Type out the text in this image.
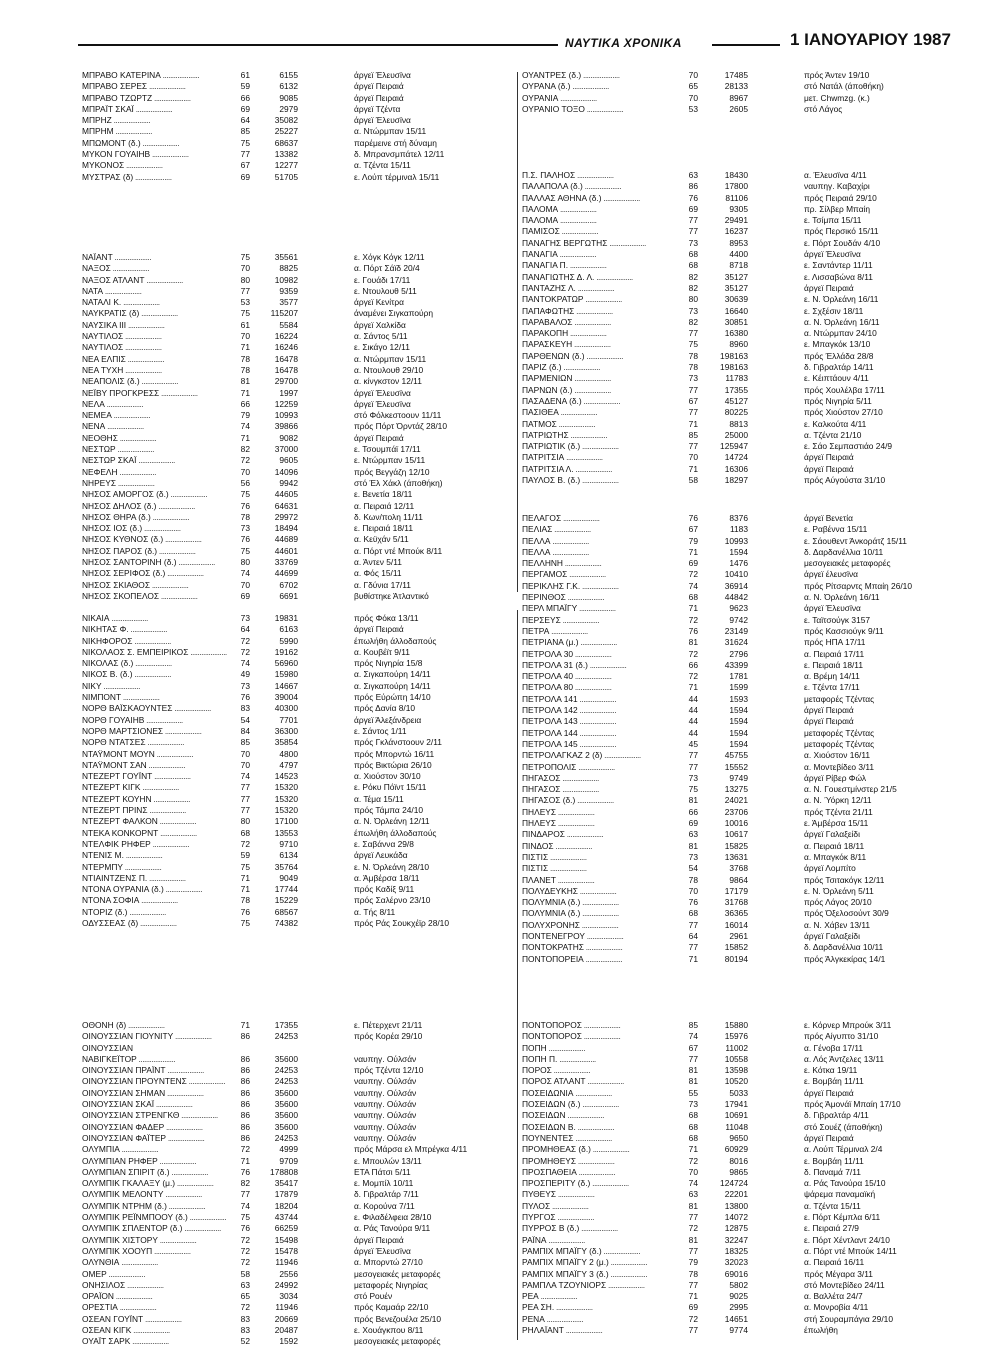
ΝΑΥΤΙΚΑ ΧΡΟΝΙΚΑ	1 ΙΑΝΟΥΑΡΙΟΥ 1987
ΜΠΡΑΒΟ ΚΑΤΕΡΙΝΑ .....	61	6155	άργεϊ Έλευσϊνα
ΜΠΡΑΒΟ ΣΕΡΕΣ .....	59	6132	άργεϊ Πειραιά
ΜΠΡΑΒΟ ΤΖΩΡΤΖ .....	66	9085	άργεϊ Πειραιά
ΜΠΡΑΪΤ ΣΚΑΪ .....	69	2979	άργεϊ Τζέντα
ΜΠΡΗΖ .....	64	35082	άργεϊ Έλευσϊνα
ΜΠΡΗΜ .....	85	25227	α. Ντώρμπαν 15/11
ΜΠΩΜΟΝΤ (δ.) .....	75	68637	παρέμεινε στή δύναμη
ΜΥΚΟΝ ΓΟΥΑΙΗΒ .....	77	13382	δ. Μπρανσμπάτελ 12/11
ΜΥΚΟΝΟΣ .....	67	12277	α. Τζέντα 15/11
ΜΥΣΤΡΑΣ (δ) .....	69	51705	ε. Λούπ τέρμιναλ 15/11
ΝΑΪΑΝΤ .....	75	35561	ε. Χόγκ Κόγκ 12/11
ΝΑΞΟΣ .....	70	8825	α. Πόρτ Σάϊδ 20/4
ΝΑΞΟΣ ΑΤΛΑΝΤ .....	80	10982	ε. Γουάδι 17/11
ΝΑΤΑ .....	77	9359	ε. Ντουλουθ 5/11
ΝΑΤΑΛΙ Κ. .....	53	3577	άργεϊ Κενίτρα
ΝΑΥΚΡΑΤΙΣ (δ) .....	75	115207	άναμένει Σιγκαπούρη
ΝΑΥΣΙΚΑ ΙΙΙ .....	61	5584	άργεϊ Χαλκίδα
ΝΑΥΤΙΛΟΣ .....	70	16224	α. Σάντος 5/11
ΝΑΥΤΙΛΟΣ .....	71	16246	ε. Σικάγο 12/11
ΝΕΑ ΕΛΠΙΣ .....	78	16478	α. Ντώρμπαν 15/11
ΝΕΑ ΤΥΧΗ .....	78	16478	α. Ντουλουθ 29/10
ΝΕΑΠΟΛΙΣ (δ.) .....	81	29700	α. κίνγκστον 12/11
ΝΕΪΒΥ ΠΡΟΓΚΡΕΣΣ .....	71	1997	άργεϊ Έλευσϊνα
ΝΕΛΑ .....	66	12259	άργεϊ Έλευσϊνα
ΝΕΜΕΑ .....	79	10993	στό Φόλκεστοουν 11/11
ΝΕΝΑ .....	74	39866	πρός Πόρτ Όρντάζ 28/10
ΝΕΟΘΗΣ .....	71	9082	άργεϊ Πειραιά
ΝΕΣΤΩΡ .....	82	37000	ε. Τσουμπάϊ 17/11
ΝΕΣΤΩΡ ΣΚΑΪ .....	72	9605	ε. Ντώρμπαν 15/11
ΝΕΦΕΛΗ .....	70	14096	πρός Βεγγάζη 12/10
ΝΗΡΕΥΣ .....	56	9942	στό Έλ Χάκλ (άποθήκη)
ΝΗΣΟΣ ΑΜΟΡΓΟΣ (δ.) .....	75	44605	ε. Βενετία 18/11
ΝΗΣΟΣ ΔΗΛΟΣ (δ.) .....	76	64631	α. Πειραιά 12/11
ΝΗΣΟΣ ΘΗΡΑ (δ.) .....	78	29972	δ. Κων/πολη 11/11
ΝΗΣΟΣ ΙΟΣ (δ.) .....	73	18494	ε. Πειραιά 18/11
ΝΗΣΟΣ ΚΥΘΝΟΣ (δ.) .....	76	44689	α. Κεϋχάν 5/11
ΝΗΣΟΣ ΠΑΡΟΣ (δ.) .....	75	44601	α. Πόρτ ντέ Μπούκ 8/11
ΝΗΣΟΣ ΣΑΝΤΟΡΙΝΗ (δ.) .....	80	33769	α. Άντεν 5/11
ΝΗΣΟΣ ΣΕΡΙΦΟΣ (δ.) .....	74	44699	α. Φός 15/11
ΝΗΣΟΣ ΣΚΙΑΘΟΣ .....	70	6702	α. Γδύνια 17/11
ΝΗΣΟΣ ΣΚΟΠΕΛΟΣ .....	69	6691	βυθίστηκε Άτλαντικό
ΝΙΚΑΙΑ .....	73	19831	πρός Φόκα 13/11
ΝΙΚΗΤΑΣ Φ. .....	64	6163	άργεϊ Πειραιά
ΝΙΚΗΦΟΡΟΣ .....	72	5990	έπωλήθη άλλοδαπούς
ΝΙΚΟΛΑΟΣ Σ. ΕΜΠΕΙΡΙΚΟΣ .....	72	19162	α. Κουβέϊτ 9/11
ΝΙΚΟΛΑΣ (δ.) .....	74	56960	πρός Νιγηρία 15/8
ΝΙΚΟΣ Β. (δ.) .....	49	15980	α. Σιγκαπούρη 14/11
ΝΙΚΥ .....	73	14667	α. Σιγκαπούρη 14/11
ΝΙΜΠΟΝΤ .....	76	39004	πρός Εύρώπη 14/10
ΝΟΡΘ ΒΑΪΣΚΑΟΥΝΤΕΣ .....	83	40300	πρός Δανία 8/10
ΝΟΡΘ ΓΟΥΑΙΗΒ .....	54	7701	άργεϊ Άλεξάνδρεια
ΝΟΡΘ ΜΑΡΤΣΙΟΝΕΣ .....	84	36300	ε. Σάντος 1/11
ΝΟΡΘ ΝΤΑΤΣΕΣ .....	85	35854	πρός Γκλάνστοουν 2/11
ΝΤΑΫΜΟΝΤ ΜΟΥΝ .....	70	4800	πρός Μπορντώ 16/11
ΝΤΑΫΜΟΝΤ ΣΑΝ .....	70	4797	πρός Βικτώρια 26/10
ΝΤΕΖΕΡΤ ΓΟΥΪΝΤ .....	74	14523	α. Χιούστον 30/10
ΝΤΕΖΕΡΤ ΚΙΓΚ .....	77	15320	ε. Ρόκυ Πόϊντ 15/11
ΝΤΕΖΕΡΤ ΚΟΥΗΝ .....	77	15320	α. Τέμα 15/11
ΝΤΕΖΕΡΤ ΠΡΙΝΣ .....	77	15320	πρός Τάμπα 24/10
ΝΤΕΖΕΡΤ ΦΑΛΚΟΝ .....	80	17100	α. Ν. Όρλεάνη 12/11
ΝΤΕΚΑ ΚΟΝΚΟΡΝΤ .....	68	13553	έπωλήθη άλλοδαπούς
ΝΤΕΛΦΙΚ ΡΗΦΕΡ .....	72	9710	ε. Σαβάννα 29/8
ΝΤΕΝΙΣ Μ. .....	59	6134	άργεϊ Λευκάδα
ΝΤΕΡΜΠΥ .....	75	35764	ε. Ν. Όρλεάνη 28/10
ΝΤΙΑΙΝΤΖΕΝΣ Π. .....	71	9049	α. Άμβέρσα 18/11
ΝΤΟΝΑ ΟΥΡΑΝΙΑ (δ.) .....	71	17744	πρός Καδίξ 9/11
ΝΤΟΝΑ ΣΟΦΙΑ .....	78	15229	πρός Σαλέρνο 23/10
ΝΤΟΡΙΖ (δ.) .....	76	68567	α. Τής 8/11
ΟΔΥΣΣΕΑΣ (δ) .....	75	74382	πρός Ράς Σουκχέϊρ 28/10
ΟΘΟΝΗ (δ) .....	71	17355	ε. Πέτερχεντ 21/11
ΟΙΝΟΥΣΣΙΑΝ ΓΙΟΥΝΙΤΥ .....	86	24253	πρός Κορέα 29/10
ΟΙΝΟΥΣΣΙΑΝ
ΝΑΒΙΓΚΕΪΤΟΡ .....	86	35600	ναυπηγ. Ούλσάν
ΟΙΝΟΥΣΣΙΑΝ ΠΡΑΪΝΤ .....	86	24253	πρός Τζέντα 12/10
ΟΙΝΟΥΣΣΙΑΝ ΠΡΟΥΝΤΕΝΣ .....	86	24253	ναυπηγ. Ούλσάν
ΟΙΝΟΥΣΣΙΑΝ ΣΗΜΑΝ .....	86	35600	ναυπηγ. Ούλσάν
ΟΙΝΟΥΣΣΙΑΝ ΣΚΑΪ .....	86	35600	ναυπηγ. Ούλσάν
ΟΙΝΟΥΣΣΙΑΝ ΣΤΡΕΝΓΚΘ .....	86	35600	ναυπηγ. Ούλσάν
ΟΙΝΟΥΣΣΙΑΝ ΦΑΔΕΡ .....	86	35600	ναυπηγ. Ούλσάν
ΟΙΝΟΥΣΣΙΑΝ ΦΑΪΤΕΡ .....	86	24253	ναυπηγ. Ούλσάν
ΟΛΥΜΠΙΑ .....	72	4999	πρός Μάρσα ελ Μπρέγκα 4/11
ΟΛΥΜΠΙΑΝ ΡΗΦΕΡ .....	71	9709	ε. Μπουλών 13/11
ΟΛΥΜΠΙΑΝ ΣΠΙΡΙΤ (δ.) .....	76	178808	ΕΤΑ Πάτσι 5/11
ΟΛΥΜΠΙΚ ΓΚΑΛΑΞΥ (μ.) .....	82	35417	ε. Μομπίλ 10/11
ΟΛΥΜΠΙΚ ΜΕΛΟΝΤΥ .....	77	17879	δ. Γιβραλτάρ 7/11
ΟΛΥΜΠΙΚ ΝΤΡΗΜ (δ.) .....	74	18204	α. Κορούνα 7/11
ΟΛΥΜΠΙΚ ΡΕΪΝΜΠΟΟΥ (δ.) .....	75	43744	ε. Φιλαδέλφεια 28/10
ΟΛΥΜΠΙΚ ΣΠΛΕΝΤΟΡ (δ.) .....	76	66259	α. Ράς Τανούρα 9/11
ΟΛΥΜΠΙΚ ΧΙΣΤΟΡΥ .....	72	15498	άργεϊ Πειραιά
ΟΛΥΜΠΙΚ ΧΟΟΥΠ .....	72	15478	άργεϊ Έλευσϊνα
ΟΛΥΝΘΙΑ .....	72	11946	α. Μπορντώ 27/10
ΟΜΕΡ .....	58	2556	μεσογειακές μεταφορές
ΟΝΗΣΙΛΟΣ .....	63	24992	μεταφορές Νιγηρίας
ΟΡΑΪΟΝ .....	65	3034	στό Ρουέν
ΟΡΕΣΤΙΑ .....	72	11946	πρός Καμαάρ 22/10
ΟΣΕΑΝ ΓΟΥΪΝΤ .....	83	20669	πρός Βενεζουέλα 25/10
ΟΣΕΑΝ ΚΙΓΚ .....	83	20487	ε. Χουάγκπου 8/11
ΟΥΑΪΤ ΣΑΡΚ .....	52	1592	μεσογειακές μεταφορές
ΟΥΑΝΤΡΕΣ (δ.) .....	70	17485	πρός Άντεν 19/10
ΟΥΡΑΝΑ (δ.) .....	65	28133	στό Νατάλ (άποθήκη)
ΟΥΡΑΝΙΑ .....	70	8967	μετ. Chwmzg. (κ.)
ΟΥΡΑΝΙΟ ΤΟΞΟ .....	53	2605	στό Λάγος
Π.Σ. ΠΑΛΗΟΣ .....	63	18430	α. Έλευσϊνα 4/11
ΠΑΛΑΠΟΛΑ (δ.) .....	86	17800	ναυπηγ. Καβαχίρι
ΠΑΛΛΑΣ ΑΘΗΝΑ (δ.) .....	76	81106	πρός Πειραιά 29/10
ΠΑΛΟΜΑ .....	69	9305	πρ. Σίλβερ Μπαίη
ΠΑΛΟΜΑ .....	77	29491	ε. Τσίμπα 15/11
ΠΑΜΙΣΟΣ .....	77	16237	πρός Περσικό 15/11
ΠΑΝΑΓΗΣ ΒΕΡΓΩΤΗΣ .....	73	8953	ε. Πόρτ Σουδάν 4/10
ΠΑΝΑΓΙΑ .....	68	4400	άργεϊ Έλευσϊνα
ΠΑΝΑΓΙΑ Π. .....	68	8718	ε. Σαντάντερ 11/11
ΠΑΝΑΓΙΩΤΗΣ Δ. Λ. .....	82	35127	ε. Λισσαβώνα 8/11
ΠΑΝΤΑΖΗΣ Λ. .....	82	35127	άργεϊ Πειραιά
ΠΑΝΤΟΚΡΑΤΩΡ .....	80	30639	ε. Ν. Όρλεάνη 16/11
ΠΑΠΑΦΩΤΗΣ .....	73	16640	ε. Σχξέσιν 18/11
ΠΑΡΑΒΑΛΟΣ .....	82	30851	α. Ν. Όρλεάνη 16/11
ΠΑΡΑΚΟΠΗ .....	77	16380	α. Ντώρμπαν 24/10
ΠΑΡΑΣΚΕΥΗ .....	75	8960	ε. Μπαγκόκ 13/10
ΠΑΡΘΕΝΩΝ (δ.) .....	78	198163	πρός Έλλάδα 28/8
ΠΑΡΙΖ (δ.) .....	78	198163	δ. Γιβραλτάρ 14/11
ΠΑΡΜΕΝΙΩΝ .....	73	11783	ε. Κέιπτάουν 4/11
ΠΑΡΝΩΝ (δ.) .....	77	17355	πρός Χουλέλβα 17/11
ΠΑΣΑΔΕΝΑ (δ.) .....	67	45127	πρός Νιγηρία 5/11
ΠΑΣΙΘΕΑ .....	77	80225	πρός Χιούστον 27/10
ΠΑΤΜΟΣ .....	71	8813	ε. Καλκούτα 4/11
ΠΑΤΡΙΩΤΗΣ .....	85	25000	α. Τζέντα 21/10
ΠΑΤΡΙΩΤΙΚ (δ.) .....	77	125947	ε. Σάο Σεμπαστιάο 24/9
ΠΑΤΡΙΤΣΙΑ .....	70	14724	άργεϊ Πειραιά
ΠΑΤΡΙΤΣΙΑ Λ. .....	71	16306	άργεϊ Πειραιά
ΠΑΥΛΟΣ Β. (δ.) .....	58	18297	πρός Αύγούστα 31/10
ΠΕΛΑΓΟΣ .....	76	8376	άργεϊ Βενετία
ΠΕΛΙΑΣ .....	67	1183	ε. Ραβέννα 15/11
ΠΕΛΛΑ .....	79	10993	ε. Σάουθεντ Άνκοράτζ 15/11
ΠΕΛΛΑ .....	71	1594	δ. Δαρδανέλλια 10/11
ΠΕΛΛΗΝΗ .....	69	1476	μεσογειακές μεταφορές
ΠΕΡΓΑΜΟΣ .....	72	10410	άργεϊ έλευσϊνα
ΠΕΡΙΚΛΗΣ Γ.Κ. .....	74	36914	πρός Ρίτσαρντς Μπαίη 26/10
ΠΕΡΙΝΘΟΣ .....	68	44842	α. Ν. Όρλεάνη 16/11
ΠΕΡΛ ΜΠΑΪΓΥ .....	71	9623	άργεϊ Έλευσϊνα
ΠΕΡΣΕΥΣ .....	72	9742	ε. Ταϊτσούγκ 3157
ΠΕΤΡΑ .....	76	23149	πρός Κασσιούγκ 9/11
ΠΕΤΡΙΑΝΑ (μ.) .....	81	31624	πρός ΗΠΑ 17/11
ΠΕΤΡΟΛΑ 30 .....	72	2796	α. Πειραιά 17/11
ΠΕΤΡΟΛΑ 31 (δ.) .....	66	43399	ε. Πειραιά 18/11
ΠΕΤΡΟΛΑ 40 .....	72	1781	α. Βρέμη 14/11
ΠΕΤΡΟΛΑ 80 .....	71	1599	ε. Τζέντα 17/11
ΠΕΤΡΟΛΑ 141 .....	44	1593	μεταφορές Τζέντας
ΠΕΤΡΟΛΑ 142 .....	44	1594	άργεϊ Πειραιά
ΠΕΤΡΟΛΑ 143 .....	44	1594	άργεϊ Πειραιά
ΠΕΤΡΟΛΑ 144 .....	44	1594	μεταφορές Τζέντας
ΠΕΤΡΟΛΑ 145 .....	45	1594	μεταφορές Τζέντας
ΠΕΤΡΟΛΑΓΚΑΖ 2 (δ) .....	77	45755	α. Χιούστον 16/11
ΠΕΤΡΟΠΟΛΙΣ .....	77	15552	α. Μοντεβίδεο 3/11
ΠΗΓΑΣΟΣ .....	73	9749	άργεϊ Ρίβερ Φώλ
ΠΗΓΑΣΟΣ .....	75	13275	α. Ν. Γουεστμίνστερ 21/5
ΠΗΓΑΣΟΣ (δ.) .....	81	24021	α. Ν. Ύόρκη 12/11
ΠΗΛΕΥΣ .....	66	23706	πρός Τζέντα 21/11
ΠΗΛΕΥΣ .....	69	10016	ε. Άμβέρσα 15/11
ΠΙΝΔΑΡΟΣ .....	63	10617	άργεϊ Γαλαξείδι
ΠΙΝΔΟΣ .....	81	15825	α. Πειραιά 18/11
ΠΙΣΤΙΣ .....	73	13631	α. Μπαγκόκ 8/11
ΠΙΣΤΙΣ .....	54	3768	άργεϊ Λομπίτο
ΠΛΑΝΕΤ .....	78	9864	πρός Τσιτακόγκ 12/11
ΠΟΛΥΔΕΥΚΗΣ .....	70	17179	ε. Ν. Όρλεάνη 5/11
ΠΟΛΥΜΝΙΑ (δ.) .....	76	31768	πρός Λάγος 20/10
ΠΟΛΥΜΝΙΑ (δ.) .....	68	36365	πρός Όξελοσούντ 30/9
ΠΟΛΥΧΡΟΝΗΣ .....	77	16014	α. Ν. Χάβεν 13/11
ΠΟΝΤΕΝΕΓΡΟΥ .....	64	2961	άργεϊ Γαλαξείδι
ΠΟΝΤΟΚΡΑΤΗΣ .....	77	15852	δ. Δαρδανέλλια 10/11
ΠΟΝΤΟΠΟΡΕΙΑ .....	71	80194	πρός Άλγκεκίρας 14/1
ΠΟΝΤΟΠΟΡΟΣ .....	85	15880	ε. Κόρνερ Μπρούκ 3/11
ΠΟΝΤΟΠΟΡΟΣ .....	74	15976	πρός Αίγυπτο 31/10
ΠΟΠΗ .....	67	11002	α. Γένοβα 17/11
ΠΟΠΗ Π. .....	77	10558	α. Λός Άντζελες 13/11
ΠΟΡΟΣ .....	81	13598	ε. Κότκα 19/11
ΠΟΡΟΣ ΑΤΛΑΝΤ .....	81	10520	ε. Βομβάη 11/11
ΠΟΣΕΙΔΩΝΙΑ .....	55	5033	άργεϊ Πειραιά
ΠΟΣΕΙΔΩΝ (δ.) .....	73	17941	πρός Άμονάϊ Μπαίη 17/10
ΠΟΣΕΙΔΩΝ .....	68	10691	δ. Γιβραλτάρ 4/11
ΠΟΣΕΙΔΩΝ Β. .....	68	11048	στό Σουέζ (άποθήκη)
ΠΟΥΝΕΝΤΕΣ .....	68	9650	άργεϊ Πειραιά
ΠΡΟΜΗΘΕΑΣ (δ.) .....	71	60929	α. Λούπ Τέρμιναλ 2/4
ΠΡΟΜΗΘΕΥΣ .....	72	8016	ε. Βομβάη 11/11
ΠΡΟΣΠΑΘΕΙΑ .....	70	9865	δ. Παναμά 7/11
ΠΡΟΣΠΕΡΙΤΥ (δ.) .....	74	124724	α. Ράς Τανούρα 15/10
ΠΥΘΕΥΣ .....	63	22201	ψάρεμα παναμαϊκή
ΠΥΛΟΣ .....	81	13800	α. Τζέντα 15/11
ΠΥΡΓΟΣ .....	77	14072	ε. Πόρτ Κέμπλα 6/11
ΠΥΡΡΟΣ Β (δ.) .....	72	12875	ε. Πειραιά 27/9
ΡΑΪΝΑ .....	81	32247	ε. Πόρτ Χέντλαντ 24/10
ΡΑΜΠΙΧ ΜΠΑΪΓΥ (δ.) .....	77	18325	α. Πόρτ ντέ Μπούκ 14/11
ΡΑΜΠΙΧ ΜΠΑΪΓΥ 2 (μ.) .....	79	32023	α. Πειραιά 16/11
ΡΑΜΠΙΧ ΜΠΑΪΓΥ 3 (δ.) .....	78	69016	πρός Μέγαρα 3/11
ΡΑΜΠΛΑ ΤΖΟΥΝΙΟΡΣ .....	77	5802	στό Μοντεβίδεο 24/11
ΡΕΑ .....	71	9025	α. Βαλλέτα 24/7
ΡΕΑ ΣΗ. .....	69	2995	α. Μονροβία 4/11
ΡΕΝΑ .....	72	14651	στή Σουραμπάγια 29/10
ΡΗΛΑΪΑΝΤ .....	77	9774	έπωλήθη
